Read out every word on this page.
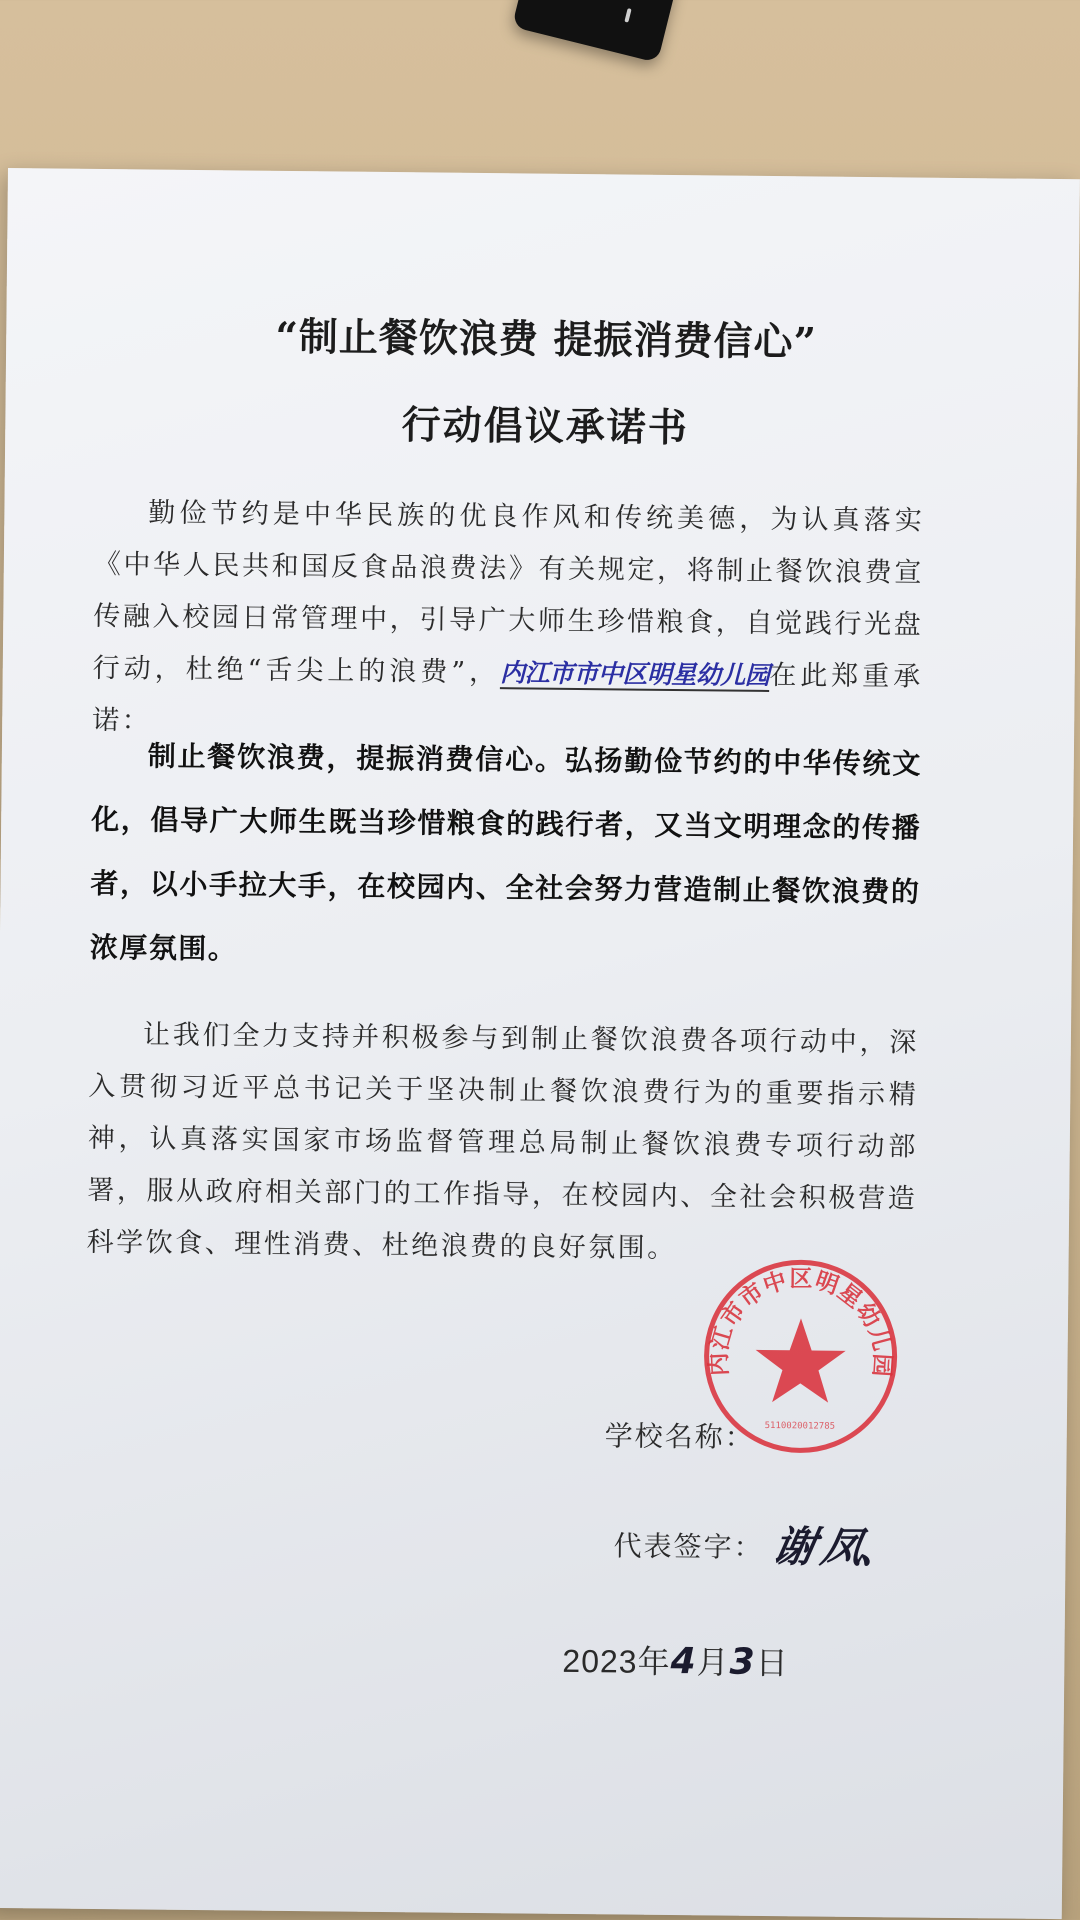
“制止餐饮浪费 提振消费信心”
行动倡议承诺书

勤俭节约是中华民族的优良作风和传统美德，为认真落实《中华人民共和国反食品浪费法》有关规定，将制止餐饮浪费宣传融入校园日常管理中，引导广大师生珍惜粮食，自觉践行光盘行动，杜绝“舌尖上的浪费”，内江市市中区明星幼儿园在此郑重承诺：

制止餐饮浪费，提振消费信心。弘扬勤俭节约的中华传统文化，倡导广大师生既当珍惜粮食的践行者，又当文明理念的传播者，以小手拉大手，在校园内、全社会努力营造制止餐饮浪费的浓厚氛围。

让我们全力支持并积极参与到制止餐饮浪费各项行动中，深入贯彻习近平总书记关于坚决制止餐饮浪费行为的重要指示精神，认真落实国家市场监督管理总局制止餐饮浪费专项行动部署，服从政府相关部门的工作指导，在校园内、全社会积极营造科学饮食、理性消费、杜绝浪费的良好氛围。

学校名称：
代表签字： 谢 凤、
2023年4月3日
内江市市中区明星幼儿园
5110020012785
